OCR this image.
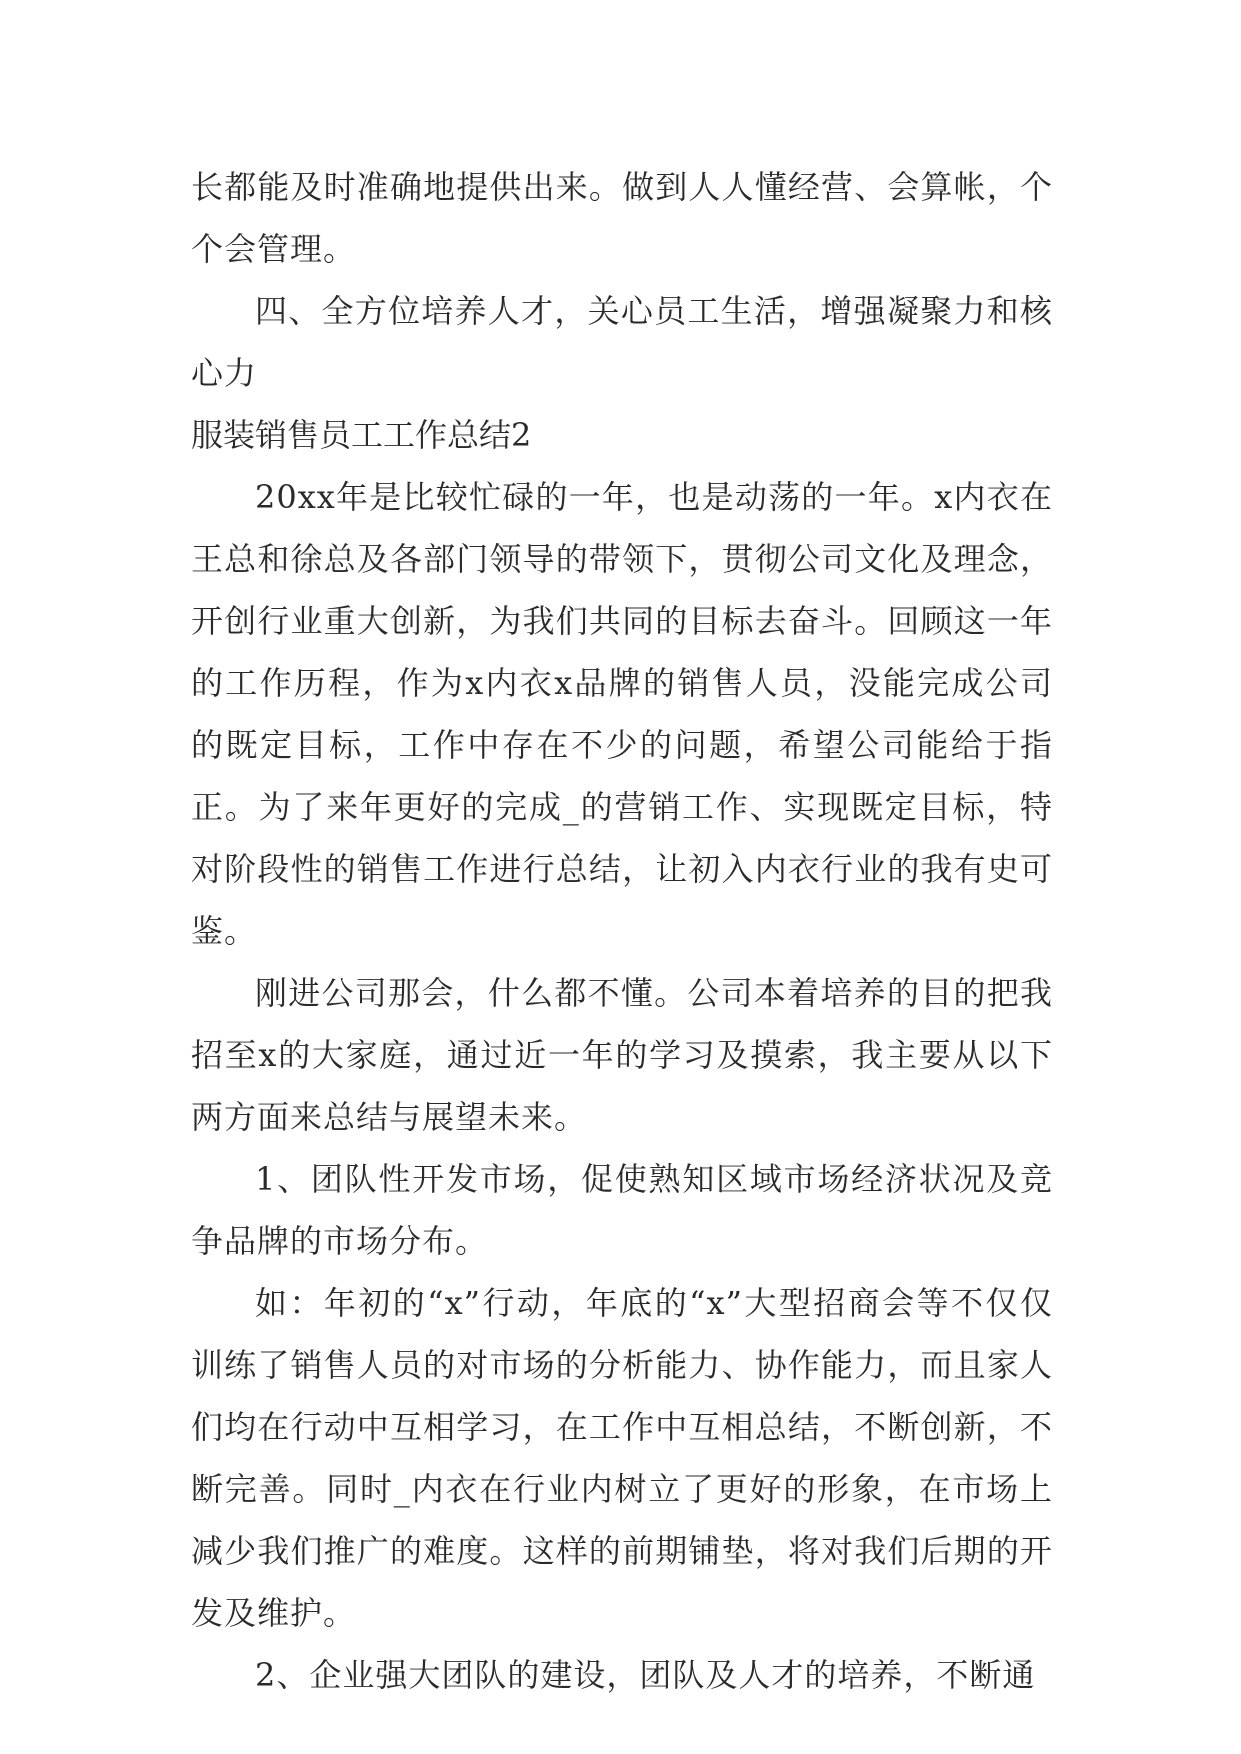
长都能及时准确地提供出来。做到人人懂经营、会算帐，个个会管理。

四、全方位培养人才，关心员工生活，增强凝聚力和核心力

服装销售员工工作总结2

20xx年是比较忙碌的一年，也是动荡的一年。x内衣在王总和徐总及各部门领导的带领下，贯彻公司文化及理念，开创行业重大创新，为我们共同的目标去奋斗。回顾这一年的工作历程，作为x内衣x品牌的销售人员，没能完成公司的既定目标，工作中存在不少的问题，希望公司能给于指正。为了来年更好的完成_的营销工作、实现既定目标，特对阶段性的销售工作进行总结，让初入内衣行业的我有史可鉴。

刚进公司那会，什么都不懂。公司本着培养的目的把我招至x的大家庭，通过近一年的学习及摸索，我主要从以下两方面来总结与展望未来。

1、团队性开发市场，促使熟知区域市场经济状况及竞争品牌的市场分布。

如：年初的“x”行动，年底的“x”大型招商会等不仅仅训练了销售人员的对市场的分析能力、协作能力，而且家人们均在行动中互相学习，在工作中互相总结，不断创新，不断完善。同时_内衣在行业内树立了更好的形象，在市场上减少我们推广的难度。这样的前期铺垫，将对我们后期的开发及维护。

2、企业强大团队的建设，团队及人才的培养，不断通
